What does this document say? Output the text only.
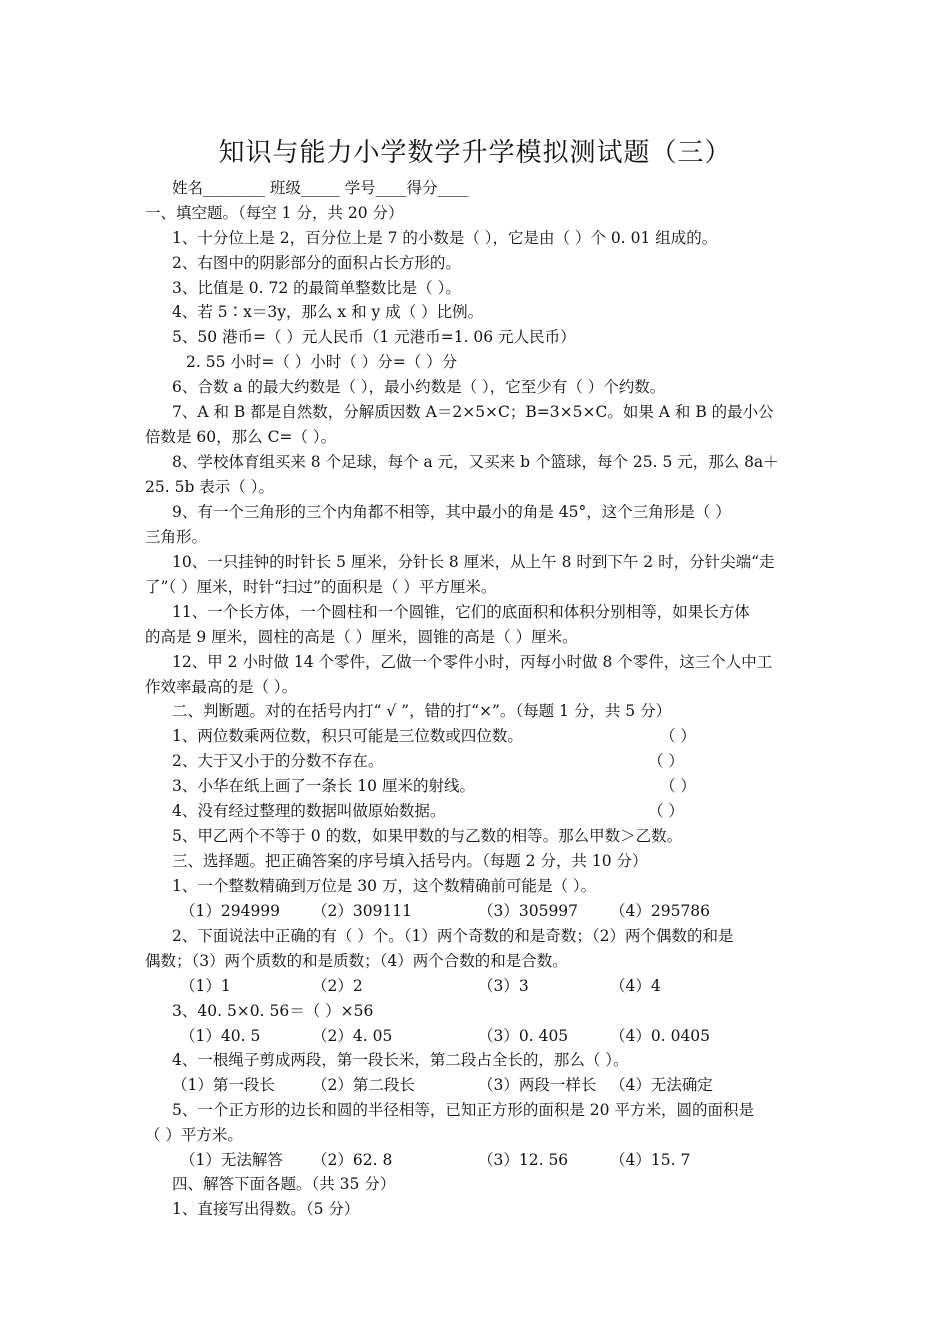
知识与能力小学数学升学模拟测试题（三）
姓名________ 班级_____ 学号____得分____
一、填空题。（每空 1 分，共 20 分）
1、十分位上是 2，百分位上是 7 的小数是（ ），它是由（ ）个 0. 01 组成的。
2、右图中的阴影部分的面积占长方形的。
3、比值是 0. 72 的最简单整数比是（ ）。
4、若 5∶x＝3y，那么 x 和 y 成（ ）比例。
5、50 港币=（ ）元人民币（1 元港币=1. 06 元人民币）
2. 55 小时=（ ）小时（ ）分=（ ）分
6、合数 a 的最大约数是（ ），最小约数是（ ），它至少有（ ）个约数。
7、A 和 B 都是自然数，分解质因数 A＝2×5×C；B=3×5×C。如果 A 和 B 的最小公
倍数是 60，那么 C=（ ）。
8、学校体育组买来 8 个足球，每个 a 元，又买来 b 个篮球，每个 25. 5 元，那么 8a＋
25. 5b 表示（ ）。
9、有一个三角形的三个内角都不相等，其中最小的角是 45°，这个三角形是（ ）
三角形。
10、一只挂钟的时针长 5 厘米，分针长 8 厘米，从上午 8 时到下午 2 时，分针尖端“走
了”（ ）厘米，时针“扫过”的面积是（ ）平方厘米。
11、一个长方体，一个圆柱和一个圆锥，它们的底面积和体积分别相等，如果长方体
的高是 9 厘米，圆柱的高是（ ）厘米，圆锥的高是（ ）厘米。
12、甲 2 小时做 14 个零件，乙做一个零件小时，丙每小时做 8 个零件，这三个人中工
作效率最高的是（ ）。
二、判断题。对的在括号内打“ √ ”，错的打“×”。（每题 1 分，共 5 分）
1、两位数乘两位数，积只可能是三位数或四位数。	（ ）
2、大于又小于的分数不存在。	（ ）
3、小华在纸上画了一条长 10 厘米的射线。	（ ）
4、没有经过整理的数据叫做原始数据。	（ ）
5、甲乙两个不等于 0 的数，如果甲数的与乙数的相等。那么甲数＞乙数。
三、选择题。把正确答案的序号填入括号内。（每题 2 分，共 10 分）
1、一个整数精确到万位是 30 万，这个数精确前可能是（ ）。
（1）294999 （2）309111	（3）305997 （4）295786
2、下面说法中正确的有（ ）个。（1）两个奇数的和是奇数；（2）两个偶数的和是
偶数；（3）两个质数的和是质数；（4）两个合数的和是合数。
（1）1	（2）2	（3）3	（4）4
3、40. 5×0. 56＝（ ）×56
（1）40. 5	（2）4. 05	（3）0. 405	（4）0. 0405
4、一根绳子剪成两段，第一段长米，第二段占全长的，那么（ ）。
（1）第一段长 （2）第二段长	（3）两段一样长 （4）无法确定
5、一个正方形的边长和圆的半径相等，已知正方形的面积是 20 平方米，圆的面积是
（ ）平方米。
（1）无法解答 （2）62. 8	（3）12. 56	（4）15. 7
四、解答下面各题。（共 35 分）
1、直接写出得数。（5 分）
